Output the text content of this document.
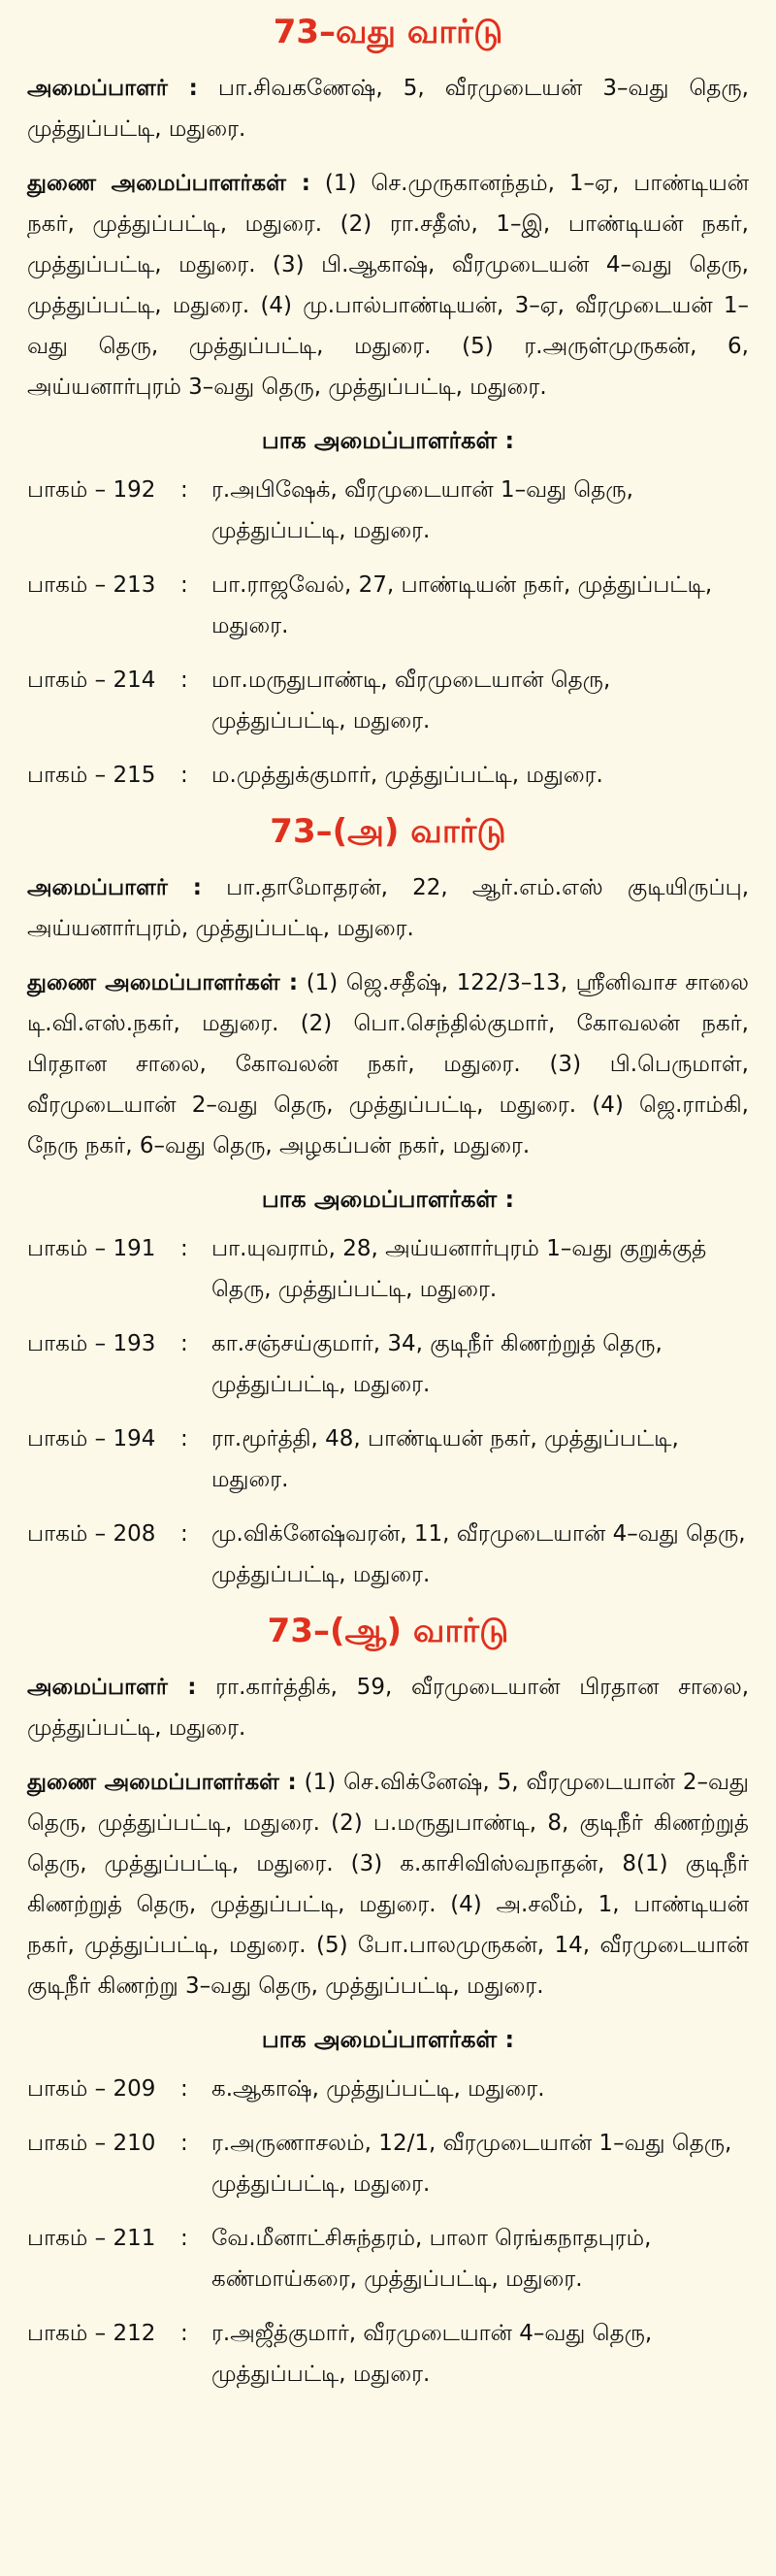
73–வது வார்டு

அமைப்பாளர் : பா.சிவகணேஷ், 5, வீரமுடையன் 3–வது தெரு, முத்துப்பட்டி, மதுரை.

துணை அமைப்பாளர்கள் : (1) செ.முருகானந்தம், 1–ஏ, பாண்டியன் நகர், முத்துப்பட்டி, மதுரை. (2) ரா.சதீஸ், 1–இ, பாண்டியன் நகர், முத்துப்பட்டி, மதுரை. (3) பி.ஆகாஷ், வீரமுடையன் 4–வது தெரு, முத்துப்பட்டி, மதுரை. (4) மு.பால்பாண்டியன், 3–ஏ, வீரமுடையன் 1–வது தெரு, முத்துப்பட்டி, மதுரை. (5) ர.அருள்முருகன், 6, அய்யனார்புரம் 3–வது தெரு, முத்துப்பட்டி, மதுரை.

பாக அமைப்பாளர்கள் :
பாகம் – 192	:	ர.அபிஷேக், வீரமுடையான் 1–வது தெரு, முத்துப்பட்டி, மதுரை.
பாகம் – 213	:	பா.ராஜவேல், 27, பாண்டியன் நகர், முத்துப்பட்டி, மதுரை.
பாகம் – 214	:	மா.மருதுபாண்டி, வீரமுடையான் தெரு, முத்துப்பட்டி, மதுரை.
பாகம் – 215	:	ம.முத்துக்குமார், முத்துப்பட்டி, மதுரை.
73–(அ) வார்டு

அமைப்பாளர் : பா.தாமோதரன், 22, ஆர்.எம்.எஸ் குடியிருப்பு, அய்யனார்புரம், முத்துப்பட்டி, மதுரை.

துணை அமைப்பாளர்கள் : (1) ஜெ.சதீஷ், 122/3–13, ஸ்ரீனிவாச சாலை டி.வி.எஸ்.நகர், மதுரை. (2) பொ.செந்தில்குமார், கோவலன் நகர், பிரதான சாலை, கோவலன் நகர், மதுரை. (3) பி.பெருமாள், வீரமுடையான் 2–வது தெரு, முத்துப்பட்டி, மதுரை. (4) ஜெ.ராம்கி, நேரு நகர், 6–வது தெரு, அழகப்பன் நகர், மதுரை.

பாக அமைப்பாளர்கள் :
பாகம் – 191	:	பா.யுவராம், 28, அய்யனார்புரம் 1–வது குறுக்குத் தெரு, முத்துப்பட்டி, மதுரை.
பாகம் – 193	:	கா.சஞ்சய்குமார், 34, குடிநீர் கிணற்றுத் தெரு, முத்துப்பட்டி, மதுரை.
பாகம் – 194	:	ரா.மூர்த்தி, 48, பாண்டியன் நகர், முத்துப்பட்டி, மதுரை.
பாகம் – 208	:	மு.விக்னேஷ்வரன், 11, வீரமுடையான் 4–வது தெரு, முத்துப்பட்டி, மதுரை.
73–(ஆ) வார்டு

அமைப்பாளர் : ரா.கார்த்திக், 59, வீரமுடையான் பிரதான சாலை, முத்துப்பட்டி, மதுரை.

துணை அமைப்பாளர்கள் : (1) செ.விக்னேஷ், 5, வீரமுடையான் 2–வது தெரு, முத்துப்பட்டி, மதுரை. (2) ப.மருதுபாண்டி, 8, குடிநீர் கிணற்றுத் தெரு, முத்துப்பட்டி, மதுரை. (3) க.காசிவிஸ்வநாதன், 8(1) குடிநீர் கிணற்றுத் தெரு, முத்துப்பட்டி, மதுரை. (4) அ.சலீம், 1, பாண்டியன் நகர், முத்துப்பட்டி, மதுரை. (5) போ.பாலமுருகன், 14, வீரமுடையான் குடிநீர் கிணற்று 3–வது தெரு, முத்துப்பட்டி, மதுரை.

பாக அமைப்பாளர்கள் :
பாகம் – 209	:	க.ஆகாஷ், முத்துப்பட்டி, மதுரை.
பாகம் – 210	:	ர.அருணாசலம், 12/1, வீரமுடையான் 1–வது தெரு, முத்துப்பட்டி, மதுரை.
பாகம் – 211	:	வே.மீனாட்சிசுந்தரம், பாலா ரெங்கநாதபுரம், கண்மாய்கரை, முத்துப்பட்டி, மதுரை.
பாகம் – 212	:	ர.அஜீத்குமார், வீரமுடையான் 4–வது தெரு, முத்துப்பட்டி, மதுரை.
